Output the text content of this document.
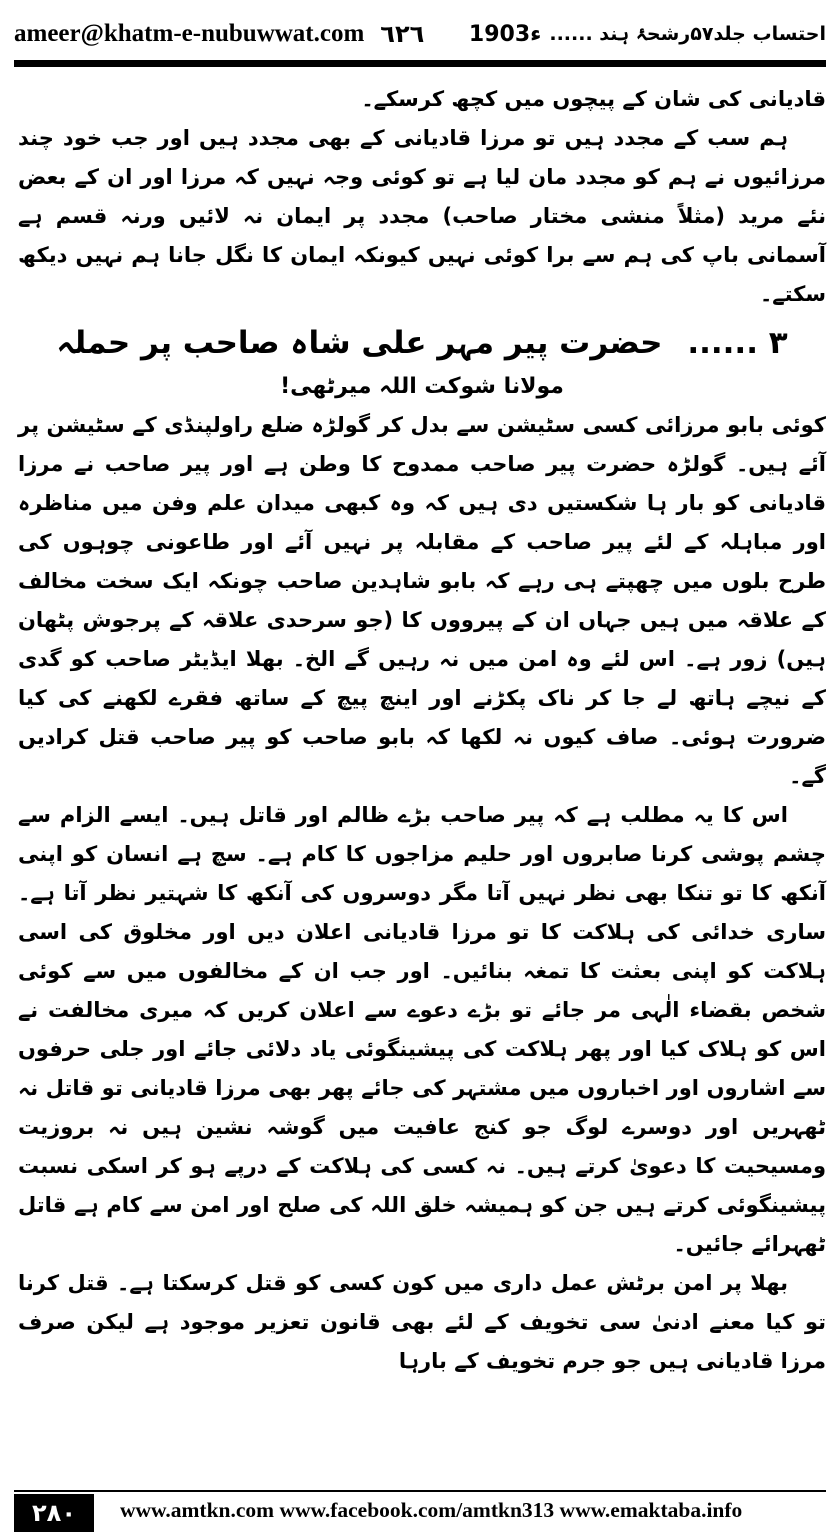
ameer@khatm-e-nubuwwat.com ٦٢٦	احتساب جلد۵۷رشحۂ ہند ......
1903ء

قادیانی کی شان کے پیچوں میں کچھ کرسکے۔

ہم سب کے مجدد ہیں تو مرزا قادیانی کے بھی مجدد ہیں اور جب خود چند مرزائیوں نے ہم کو مجدد مان لیا ہے تو کوئی وجہ نہیں کہ مرزا اور ان کے بعض نئے مرید (مثلاً منشی مختار صاحب) مجدد پر ایمان نہ لائیں ورنہ قسم ہے آسمانی باپ کی ہم سے برا کوئی نہیں کیونکہ ایمان کا نگل جانا ہم نہیں دیکھ سکتے۔

۳ ...... حضرت پیر مہر علی شاہ صاحب پر حملہ
مولانا شوکت اللہ میرٹھی!

کوئی بابو مرزائی کسی سٹیشن سے بدل کر گولڑہ ضلع راولپنڈی کے سٹیشن پر آئے ہیں۔ گولڑہ حضرت پیر صاحب ممدوح کا وطن ہے اور پیر صاحب نے مرزا قادیانی کو بار ہا شکستیں دی ہیں کہ وہ کبھی میدان علم وفن میں مناظرہ اور مباہلہ کے لئے پیر صاحب کے مقابلہ پر نہیں آئے اور طاعونی چوہوں کی طرح بلوں میں چھپتے ہی رہے کہ بابو شاہدین صاحب چونکہ ایک سخت مخالف کے علاقہ میں ہیں جہاں ان کے پیرووں کا (جو سرحدی علاقہ کے پرجوش پٹھان ہیں) زور ہے۔ اس لئے وہ امن میں نہ رہیں گے الخ۔ بھلا ایڈیٹر صاحب کو گدی کے نیچے ہاتھ لے جا کر ناک پکڑنے اور اینچ پیچ کے ساتھ فقرے لکھنے کی کیا ضرورت ہوئی۔ صاف کیوں نہ لکھا کہ بابو صاحب کو پیر صاحب قتل کرادیں گے۔

اس کا یہ مطلب ہے کہ پیر صاحب بڑے ظالم اور قاتل ہیں۔ ایسے الزام سے چشم پوشی کرنا صابروں اور حلیم مزاجوں کا کام ہے۔ سچ ہے انسان کو اپنی آنکھ کا تو تنکا بھی نظر نہیں آتا مگر دوسروں کی آنکھ کا شہتیر نظر آتا ہے۔ ساری خدائی کی ہلاکت کا تو مرزا قادیانی اعلان دیں اور مخلوق کی اسی ہلاکت کو اپنی بعثت کا تمغہ بنائیں۔ اور جب ان کے مخالفوں میں سے کوئی شخص بقضاء الٰہی مر جائے تو بڑے دعوے سے اعلان کریں کہ میری مخالفت نے اس کو ہلاک کیا اور پھر ہلاکت کی پیشینگوئی یاد دلائی جائے اور جلی حرفوں سے اشاروں اور اخباروں میں مشتہر کی جائے پھر بھی مرزا قادیانی تو قاتل نہ ٹھہریں اور دوسرے لوگ جو کنج عافیت میں گوشہ نشین ہیں نہ بروزیت ومسیحیت کا دعویٰ کرتے ہیں۔ نہ کسی کی ہلاکت کے درپے ہو کر اسکی نسبت پیشینگوئی کرتے ہیں جن کو ہمیشہ خلق اللہ کی صلح اور امن سے کام ہے قاتل ٹھہرائے جائیں۔

بھلا پر امن برٹش عمل داری میں کون کسی کو قتل کرسکتا ہے۔ قتل کرنا تو کیا معنے ادنیٰ سی تخویف کے لئے بھی قانون تعزیر موجود ہے لیکن صرف مرزا قادیانی ہیں جو جرم تخویف کے بارہا

۲۸۰	www.amtkn.com www.facebook.com/amtkn313 www.emaktaba.info
